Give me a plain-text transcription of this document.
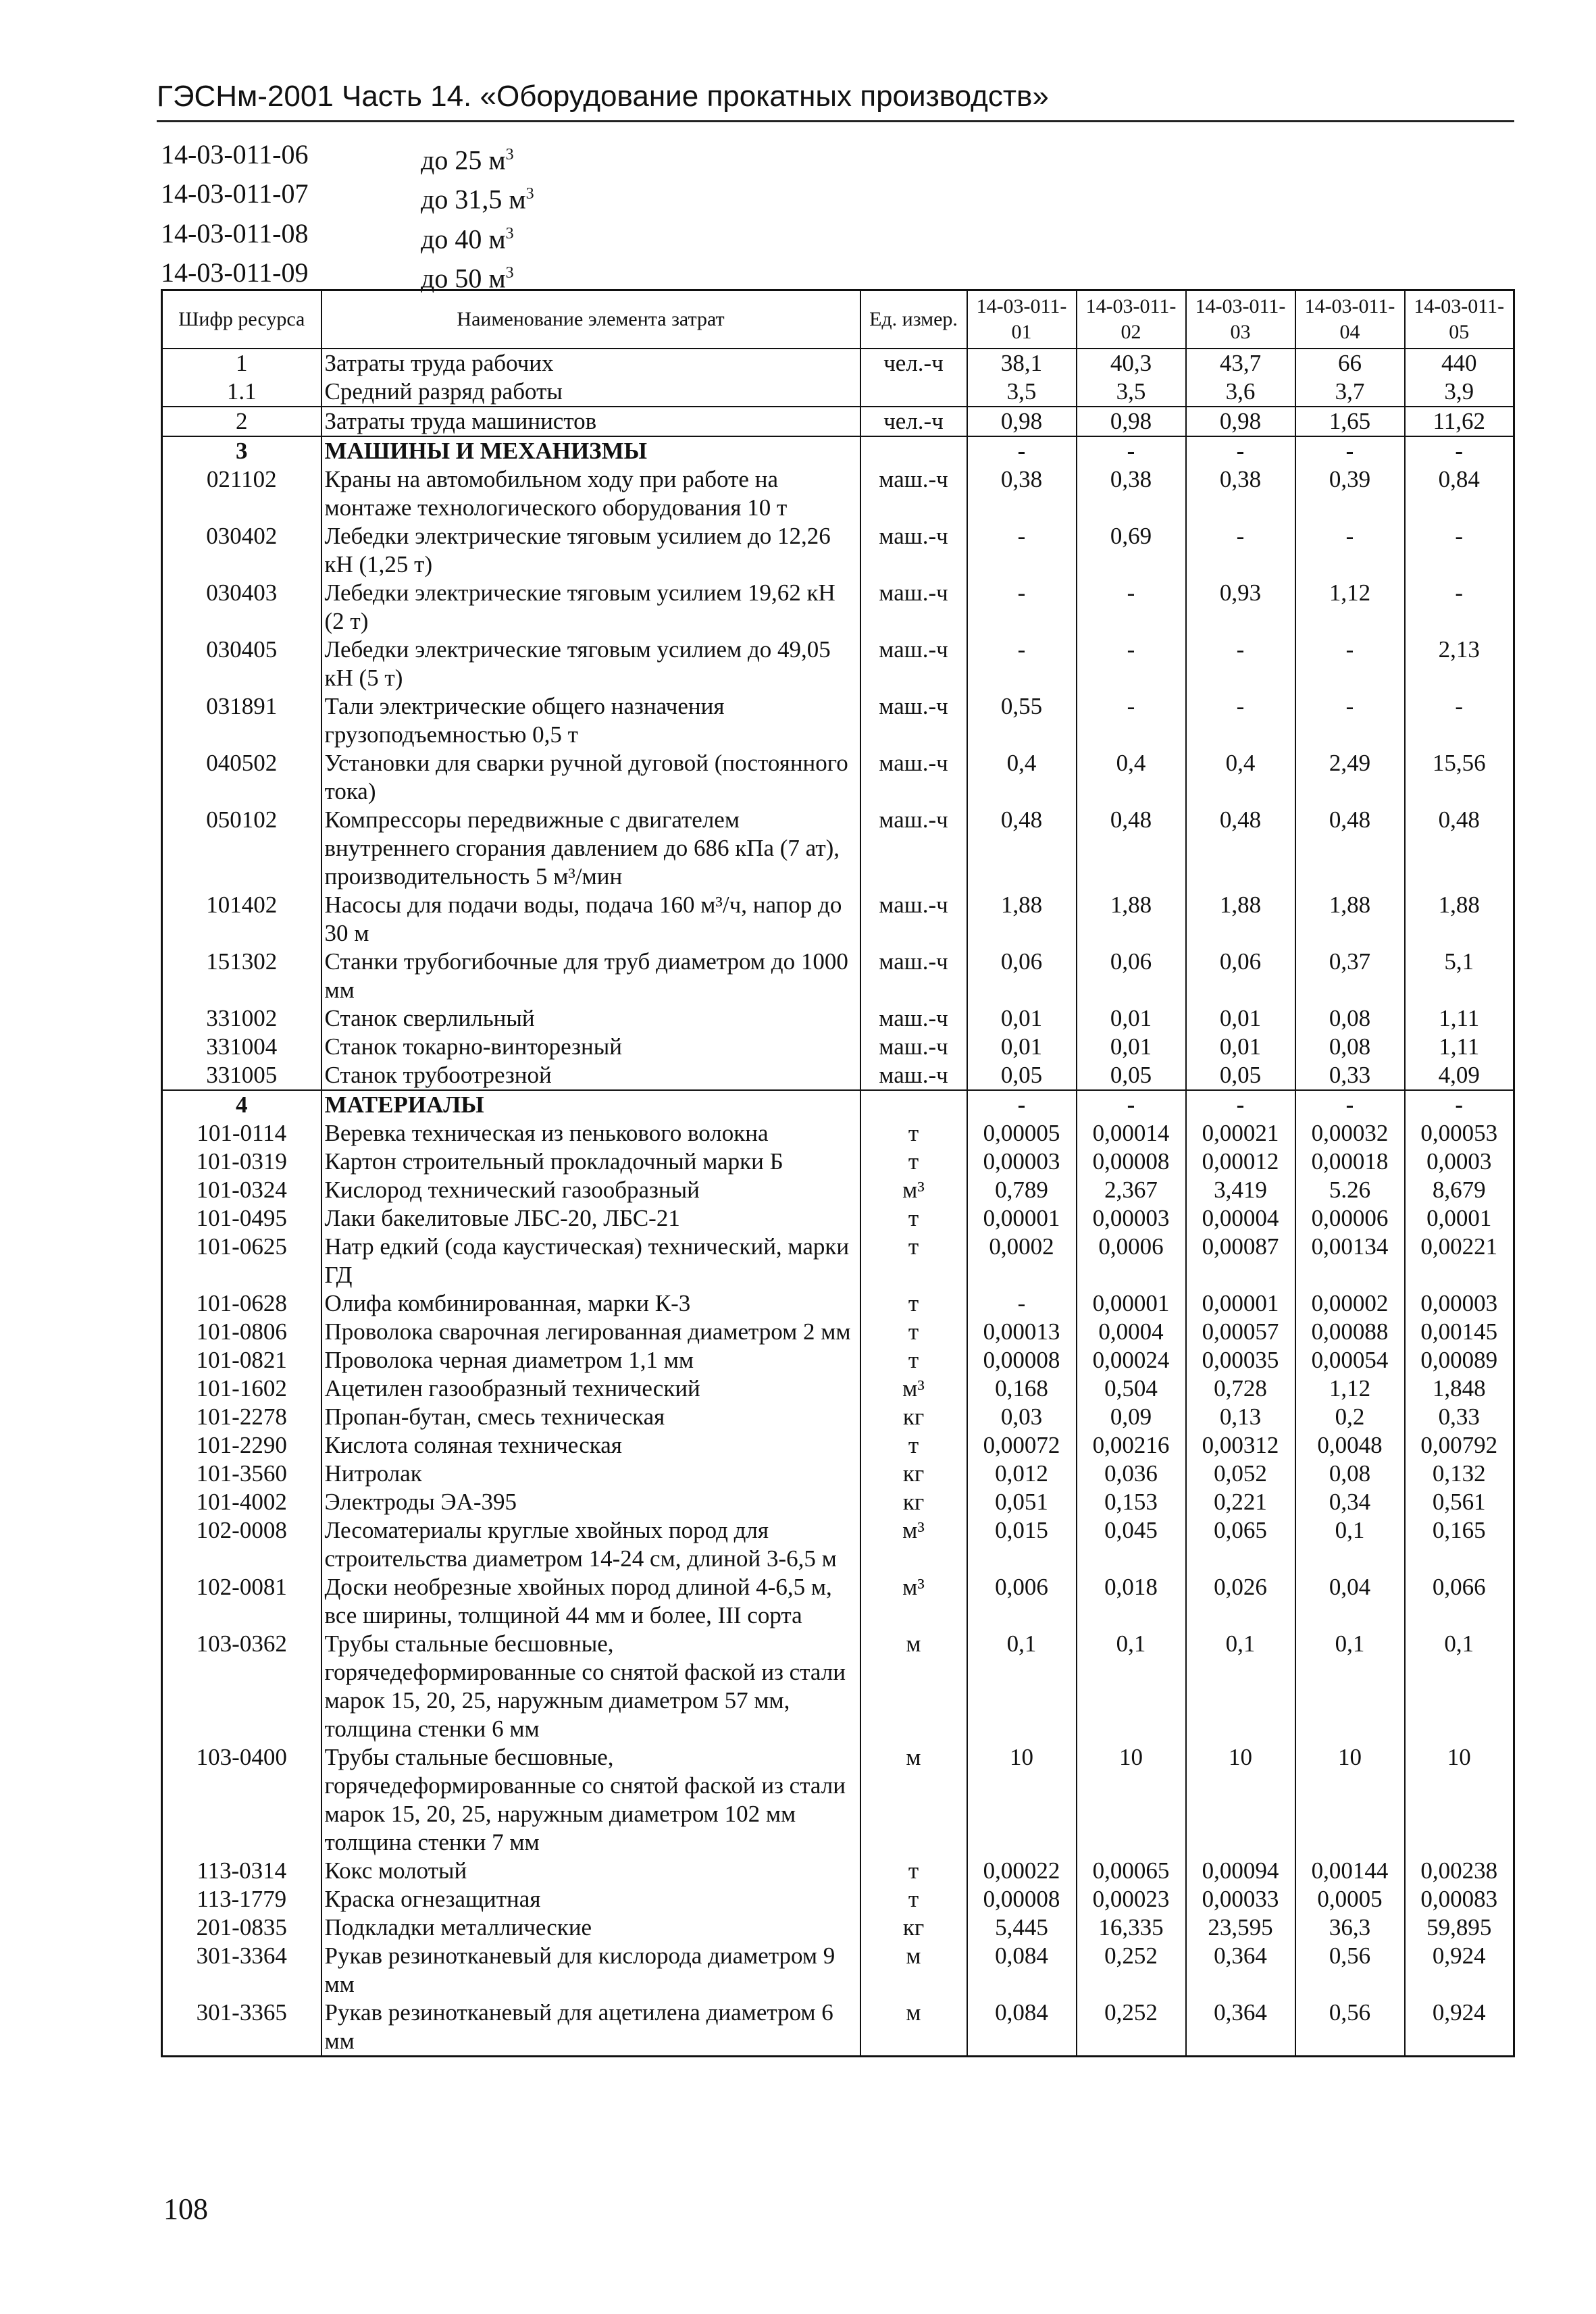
ГЭСНм-2001 Часть 14. «Оборудование прокатных производств»
14-03-011-06	до 25 $м^3$
14-03-011-07	до 31,5 $м^3$
14-03-011-08	до 40 $м^3$
14-03-011-09	до 50 $м^3$
Шифр ресурса	Наименование элемента затрат	Ед. измер.	14-03-011-01	14-03-011-02	14-03-011-03	14-03-011-04	14-03-011-05
1	Затраты труда рабочих	чел.-ч	38,1	40,3	43,7	66	440
1.1	Средний разряд работы		3,5	3,5	3,6	3,7	3,9
2	Затраты труда машинистов	чел.-ч	0,98	0,98	0,98	1,65	11,62
3	МАШИНЫ И МЕХАНИЗМЫ		-	-	-	-	-
021102	Краны на автомобильном ходу при работе на монтаже технологического оборудования 10 т	маш.-ч	0,38	0,38	0,38	0,39	0,84
030402	Лебедки электрические тяговым усилием до 12,26 кН (1,25 т)	маш.-ч	-	0,69	-	-	-
030403	Лебедки электрические тяговым усилием 19,62 кН (2 т)	маш.-ч	-	-	0,93	1,12	-
030405	Лебедки электрические тяговым усилием до 49,05 кН (5 т)	маш.-ч	-	-	-	-	2,13
031891	Тали электрические общего назначения грузоподъемностью 0,5 т	маш.-ч	0,55	-	-	-	-
040502	Установки для сварки ручной дуговой (постоянного тока)	маш.-ч	0,4	0,4	0,4	2,49	15,56
050102	Компрессоры передвижные с двигателем внутреннего сгорания давлением до 686 кПа (7 ат), производительность 5 м³/мин	маш.-ч	0,48	0,48	0,48	0,48	0,48
101402	Насосы для подачи воды, подача 160 м³/ч, напор до 30 м	маш.-ч	1,88	1,88	1,88	1,88	1,88
151302	Станки трубогибочные для труб диаметром до 1000 мм	маш.-ч	0,06	0,06	0,06	0,37	5,1
331002	Станок сверлильный	маш.-ч	0,01	0,01	0,01	0,08	1,11
331004	Станок токарно-винторезный	маш.-ч	0,01	0,01	0,01	0,08	1,11
331005	Станок трубоотрезной	маш.-ч	0,05	0,05	0,05	0,33	4,09
4	МАТЕРИАЛЫ		-	-	-	-	-
101-0114	Веревка техническая из пенькового волокна	т	0,00005	0,00014	0,00021	0,00032	0,00053
101-0319	Картон строительный прокладочный марки Б	т	0,00003	0,00008	0,00012	0,00018	0,0003
101-0324	Кислород технический газообразный	м³	0,789	2,367	3,419	5.26	8,679
101-0495	Лаки бакелитовые ЛБС-20, ЛБС-21	т	0,00001	0,00003	0,00004	0,00006	0,0001
101-0625	Натр едкий (сода каустическая) технический, марки ГД	т	0,0002	0,0006	0,00087	0,00134	0,00221
101-0628	Олифа комбинированная, марки К-3	т	-	0,00001	0,00001	0,00002	0,00003
101-0806	Проволока сварочная легированная диаметром 2 мм	т	0,00013	0,0004	0,00057	0,00088	0,00145
101-0821	Проволока черная диаметром 1,1 мм	т	0,00008	0,00024	0,00035	0,00054	0,00089
101-1602	Ацетилен газообразный технический	м³	0,168	0,504	0,728	1,12	1,848
101-2278	Пропан-бутан, смесь техническая	кг	0,03	0,09	0,13	0,2	0,33
101-2290	Кислота соляная техническая	т	0,00072	0,00216	0,00312	0,0048	0,00792
101-3560	Нитролак	кг	0,012	0,036	0,052	0,08	0,132
101-4002	Электроды ЭА-395	кг	0,051	0,153	0,221	0,34	0,561
102-0008	Лесоматериалы круглые хвойных пород для строительства диаметром 14-24 см, длиной 3-6,5 м	м³	0,015	0,045	0,065	0,1	0,165
102-0081	Доски необрезные хвойных пород длиной 4-6,5 м, все ширины, толщиной 44 мм и более, III сорта	м³	0,006	0,018	0,026	0,04	0,066
103-0362	Трубы стальные бесшовные, горячедеформированные со снятой фаской из стали марок 15, 20, 25, наружным диаметром 57 мм, толщина стенки 6 мм	м	0,1	0,1	0,1	0,1	0,1
103-0400	Трубы стальные бесшовные, горячедеформированные со снятой фаской из стали марок 15, 20, 25, наружным диаметром 102 мм толщина стенки 7 мм	м	10	10	10	10	10
113-0314	Кокс молотый	т	0,00022	0,00065	0,00094	0,00144	0,00238
113-1779	Краска огнезащитная	т	0,00008	0,00023	0,00033	0,0005	0,00083
201-0835	Подкладки металлические	кг	5,445	16,335	23,595	36,3	59,895
301-3364	Рукав резинотканевый для кислорода диаметром 9 мм	м	0,084	0,252	0,364	0,56	0,924
301-3365	Рукав резинотканевый для ацетилена диаметром 6 мм	м	0,084	0,252	0,364	0,56	0,924
108
